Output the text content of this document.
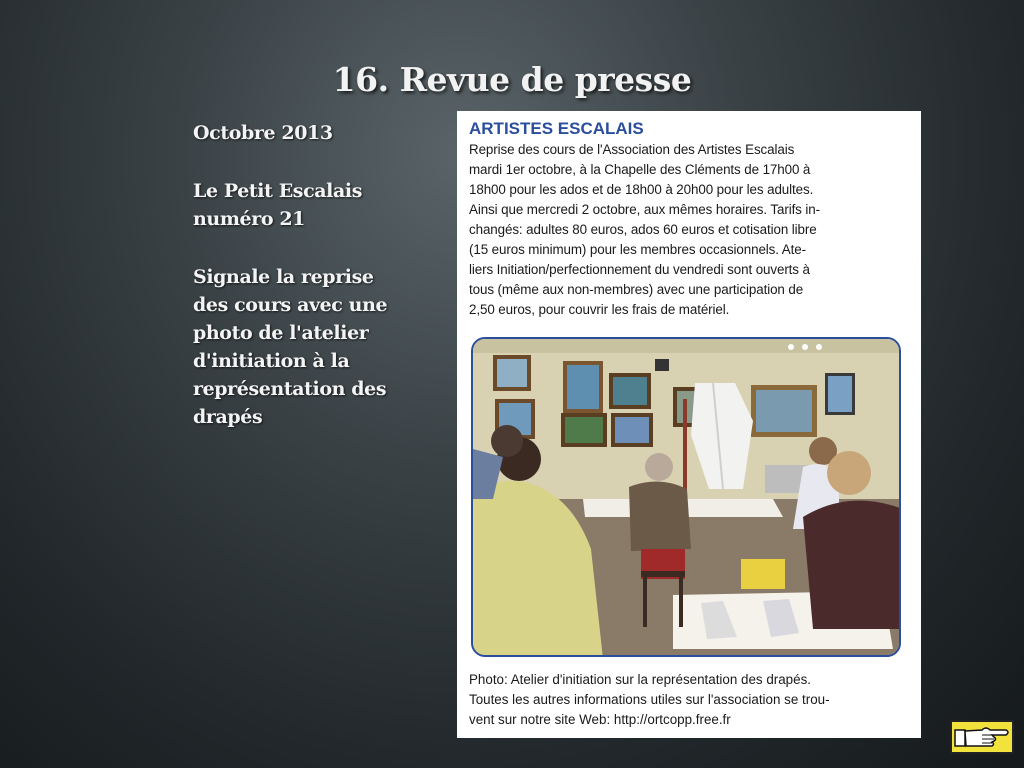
16. Revue de presse

Octobre 2013

Le Petit Escalais
numéro 21

Signale la reprise
des cours avec une
photo de l'atelier
d'initiation à la
représentation des
drapés

ARTISTES ESCALAIS
Reprise des cours de l'Association des Artistes Escalais
mardi 1er octobre, à la Chapelle des Cléments de 17h00 à
18h00 pour les ados et de 18h00 à 20h00 pour les adultes.
Ainsi que mercredi 2 octobre, aux mêmes horaires. Tarifs in-
changés: adultes 80 euros, ados 60 euros et cotisation libre
(15 euros minimum) pour les membres occasionnels. Ate-
liers Initiation/perfectionnement du vendredi sont ouverts à
tous (même aux non-membres) avec une participation de
2,50 euros, pour couvrir les frais de matériel.
Photo: Atelier d'initiation sur la représentation des drapés.
Toutes les autres informations utiles sur l'association se trou-
vent sur notre site Web: http://ortcopp.free.fr
